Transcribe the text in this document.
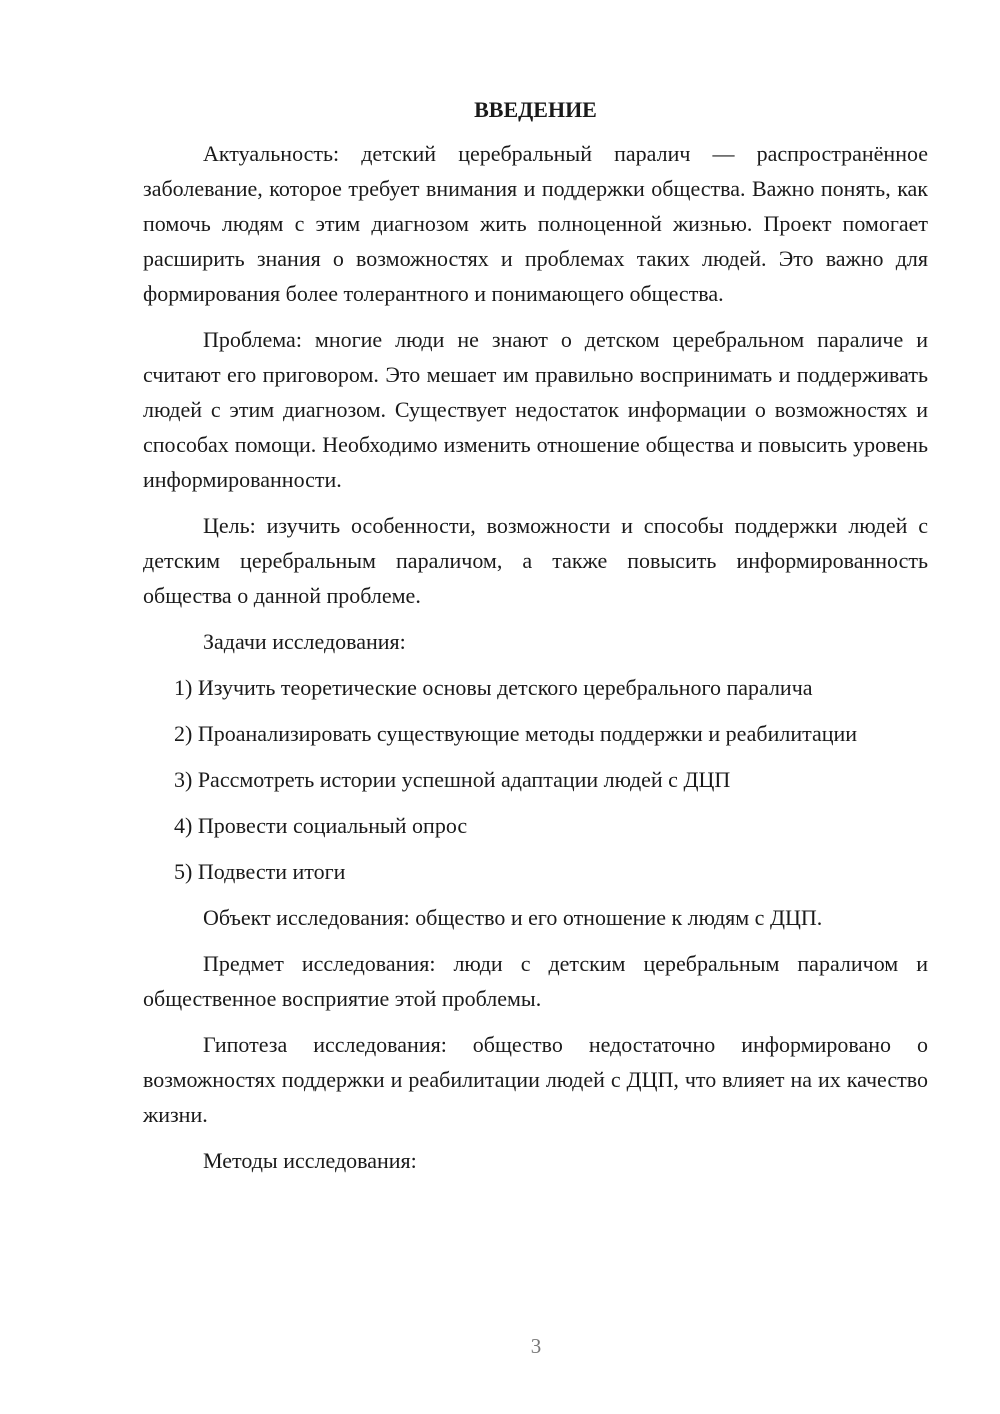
ВВЕДЕНИЕ

Актуальность: детский церебральный паралич — распространённое заболевание, которое требует внимания и поддержки общества. Важно понять, как помочь людям с этим диагнозом жить полноценной жизнью. Проект помогает расширить знания о возможностях и проблемах таких людей. Это важно для формирования более толерантного и понимающего общества.

Проблема: многие люди не знают о детском церебральном параличе и считают его приговором. Это мешает им правильно воспринимать и поддерживать людей с этим диагнозом. Существует недостаток информации о возможностях и способах помощи. Необходимо изменить отношение общества и повысить уровень информированности.

Цель: изучить особенности, возможности и способы поддержки людей с детским церебральным параличом, а также повысить информированность общества о данной проблеме.

Задачи исследования:

1) Изучить теоретические основы детского церебрального паралича

2) Проанализировать существующие методы поддержки и реабилитации

3) Рассмотреть истории успешной адаптации людей с ДЦП

4) Провести социальный опрос

5) Подвести итоги

Объект исследования: общество и его отношение к людям с ДЦП.

Предмет исследования: люди с детским церебральным параличом и общественное восприятие этой проблемы.

Гипотеза исследования: общество недостаточно информировано о возможностях поддержки и реабилитации людей с ДЦП, что влияет на их качество жизни.

Методы исследования:

3
